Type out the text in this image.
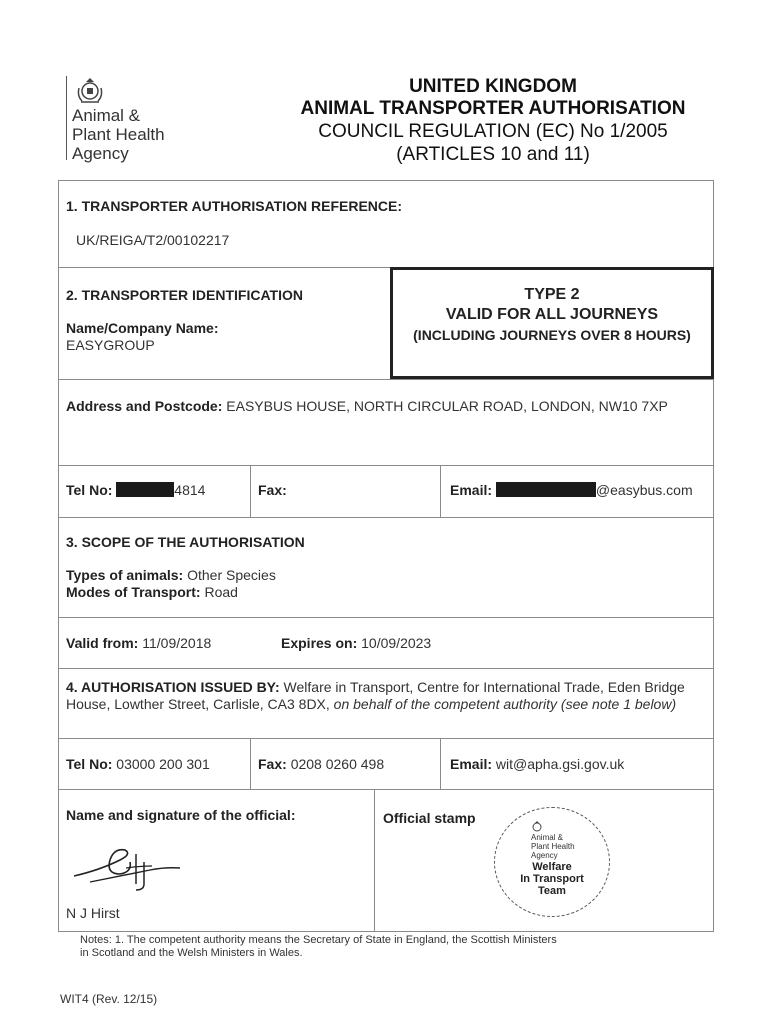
Animal &
Plant Health
Agency
UNITED KINGDOM
ANIMAL TRANSPORTER AUTHORISATION
COUNCIL REGULATION (EC) No 1/2005
(ARTICLES 10 and 11)
1. TRANSPORTER AUTHORISATION REFERENCE:
UK/REIGA/T2/00102217
2. TRANSPORTER IDENTIFICATION
Name/Company Name:
EASYGROUP
TYPE 2
VALID FOR ALL JOURNEYS
(INCLUDING JOURNEYS OVER 8 HOURS)
Address and Postcode: EASYBUS HOUSE, NORTH CIRCULAR ROAD, LONDON, NW10 7XP
Tel No:	4814	Fax:	Email:	@easybus.com
3. SCOPE OF THE AUTHORISATION
Types of animals: Other Species
Modes of Transport: Road
Valid from: 11/09/2018	Expires on: 10/09/2023
4. AUTHORISATION ISSUED BY: Welfare in Transport, Centre for International Trade, Eden Bridge House, Lowther Street, Carlisle, CA3 8DX, on behalf of the competent authority (see note 1 below)
Tel No: 03000 200 301	Fax: 0208 0260 498	Email: wit@apha.gsi.gov.uk
Name and signature of the official:
N J Hirst
Official stamp
Animal &
Plant Health
Agency
Welfare
In Transport
Team
Notes: 1. The competent authority means the Secretary of State in England, the Scottish Ministers
in Scotland and the Welsh Ministers in Wales.
WIT4 (Rev. 12/15)
